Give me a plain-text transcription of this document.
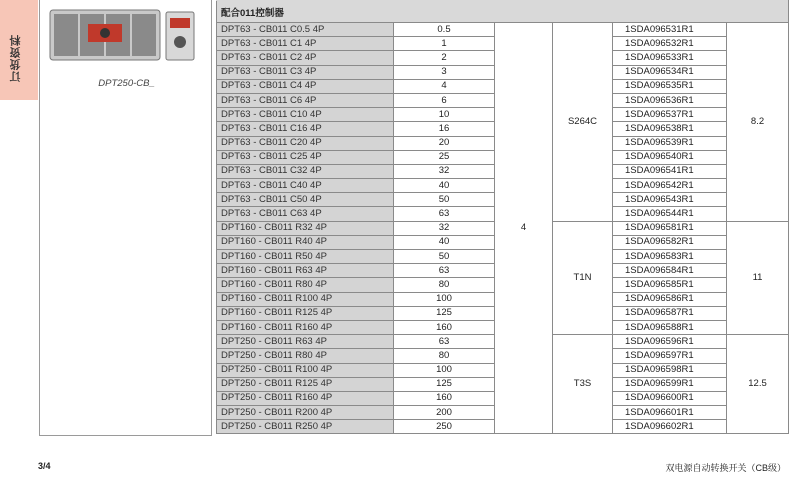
订货资料
DPT250-CB_

配合011控制器					
DPT63 - CB011 C0.5 4P	0.5	4	S264C	1SDA096531R1	8.2
DPT63 - CB011 C1 4P	1			1SDA096532R1	
DPT63 - CB011 C2 4P	2			1SDA096533R1	
DPT63 - CB011 C3 4P	3			1SDA096534R1	
DPT63 - CB011 C4 4P	4			1SDA096535R1	
DPT63 - CB011 C6 4P	6			1SDA096536R1	
DPT63 - CB011 C10 4P	10			1SDA096537R1	
DPT63 - CB011 C16 4P	16			1SDA096538R1	
DPT63 - CB011 C20 4P	20			1SDA096539R1	
DPT63 - CB011 C25 4P	25			1SDA096540R1	
DPT63 - CB011 C32 4P	32			1SDA096541R1	
DPT63 - CB011 C40 4P	40			1SDA096542R1	
DPT63 - CB011 C50 4P	50			1SDA096543R1	
DPT63 - CB011 C63 4P	63			1SDA096544R1	
DPT160 - CB011 R32 4P	32		T1N	1SDA096581R1	11
DPT160 - CB011 R40 4P	40			1SDA096582R1	
DPT160 - CB011 R50 4P	50			1SDA096583R1	
DPT160 - CB011 R63 4P	63			1SDA096584R1	
DPT160 - CB011 R80 4P	80			1SDA096585R1	
DPT160 - CB011 R100 4P	100			1SDA096586R1	
DPT160 - CB011 R125 4P	125			1SDA096587R1	
DPT160 - CB011 R160 4P	160			1SDA096588R1	
DPT250 - CB011 R63 4P	63		T3S	1SDA096596R1	12.5
DPT250 - CB011 R80 4P	80			1SDA096597R1	
DPT250 - CB011 R100 4P	100			1SDA096598R1	
DPT250 - CB011 R125 4P	125			1SDA096599R1	
DPT250 - CB011 R160 4P	160			1SDA096600R1	
DPT250 - CB011 R200 4P	200			1SDA096601R1	
DPT250 - CB011 R250 4P	250			1SDA096602R1	
3/4	双电源自动转换开关（CB级）
